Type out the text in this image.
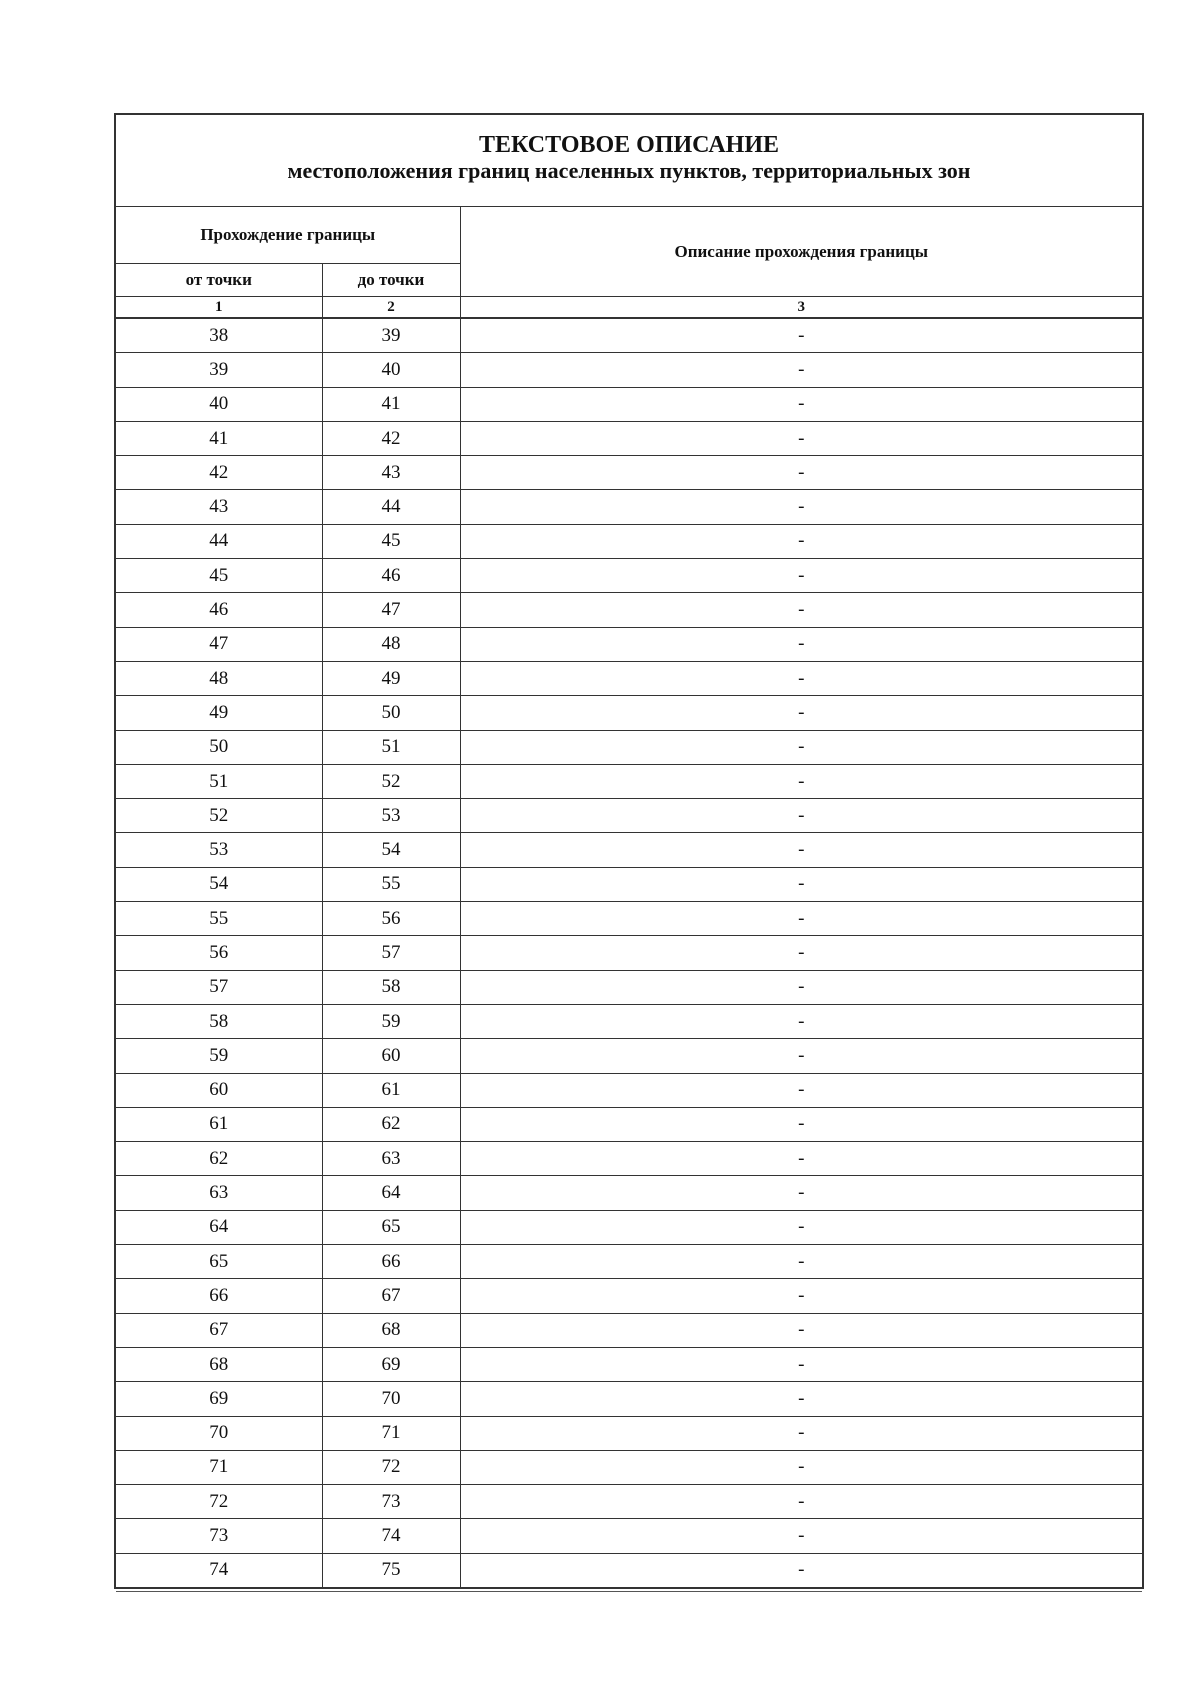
ТЕКСТОВОЕ ОПИСАНИЕ
местоположения границ населенных пунктов, территориальных зон
Прохождение границы		Описание прохождения границы
от точки	до точки	
1	2	3
38	39	-
39	40	-
40	41	-
41	42	-
42	43	-
43	44	-
44	45	-
45	46	-
46	47	-
47	48	-
48	49	-
49	50	-
50	51	-
51	52	-
52	53	-
53	54	-
54	55	-
55	56	-
56	57	-
57	58	-
58	59	-
59	60	-
60	61	-
61	62	-
62	63	-
63	64	-
64	65	-
65	66	-
66	67	-
67	68	-
68	69	-
69	70	-
70	71	-
71	72	-
72	73	-
73	74	-
74	75	-
